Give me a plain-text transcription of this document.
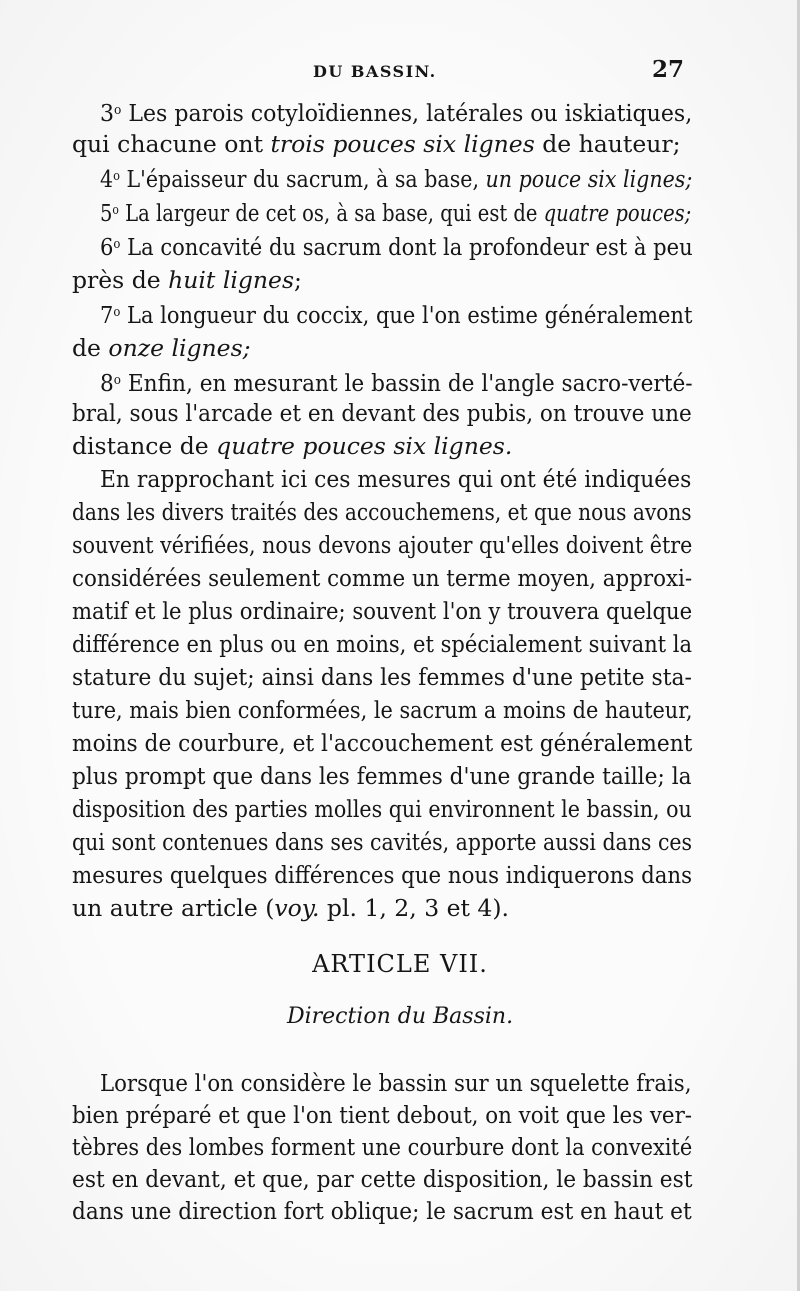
DU BASSIN.	27
3$^o$ Les parois cotyloïdiennes, latérales ou iskiatiques,
qui chacune ont trois pouces six lignes de hauteur;
4$^o$ L'épaisseur du sacrum, à sa base, un pouce six lignes;
5$^o$ La largeur de cet os, à sa base, qui est de quatre pouces;
6$^o$ La concavité du sacrum dont la profondeur est à peu
près de huit lignes;
7$^o$ La longueur du coccix, que l'on estime généralement
de onze lignes;
8$^o$ Enfin, en mesurant le bassin de l'angle sacro-verté-
bral, sous l'arcade et en devant des pubis, on trouve une
distance de quatre pouces six lignes.
En rapprochant ici ces mesures qui ont été indiquées
dans les divers traités des accouchemens, et que nous avons
souvent vérifiées, nous devons ajouter qu'elles doivent être
considérées seulement comme un terme moyen, approxi-
matif et le plus ordinaire; souvent l'on y trouvera quelque
différence en plus ou en moins, et spécialement suivant la
stature du sujet; ainsi dans les femmes d'une petite sta-
ture, mais bien conformées, le sacrum a moins de hauteur,
moins de courbure, et l'accouchement est généralement
plus prompt que dans les femmes d'une grande taille; la
disposition des parties molles qui environnent le bassin, ou
qui sont contenues dans ses cavités, apporte aussi dans ces
mesures quelques différences que nous indiquerons dans
un autre article (voy. pl. 1, 2, 3 et 4).
ARTICLE VII.
Direction du Bassin.
Lorsque l'on considère le bassin sur un squelette frais,
bien préparé et que l'on tient debout, on voit que les ver-
tèbres des lombes forment une courbure dont la convexité
est en devant, et que, par cette disposition, le bassin est
dans une direction fort oblique; le sacrum est en haut et
